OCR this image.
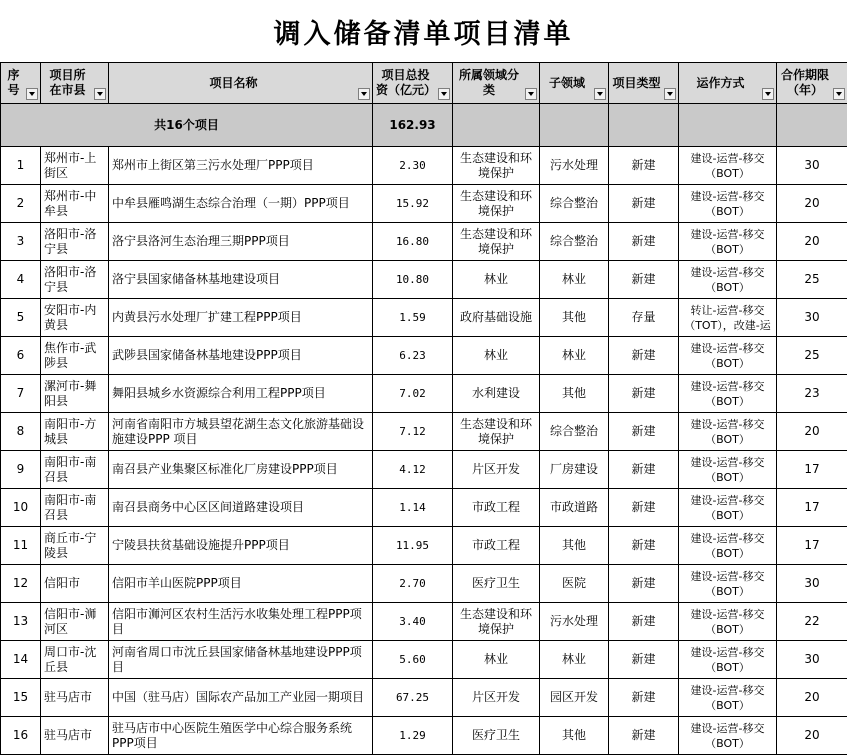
调入储备清单项目清单
序号	项目所在市县	项目名称	项目总投资（亿元）	所属领域分类	子领域	项目类型	运作方式	合作期限（年）

共16个项目			162.93					

1	郑州市-上街区	郑州市上街区第三污水处理厂PPP项目	2.30	生态建设和环境保护	污水处理	新建	建设-运营-移交（BOT）	30

2	郑州市-中牟县	中牟县雁鸣湖生态综合治理（一期）PPP项目	15.92	生态建设和环境保护	综合整治	新建	建设-运营-移交（BOT）	20

3	洛阳市-洛宁县	洛宁县洛河生态治理三期PPP项目	16.80	生态建设和环境保护	综合整治	新建	建设-运营-移交（BOT）	20

4	洛阳市-洛宁县	洛宁县国家储备林基地建设项目	10.80	林业	林业	新建	建设-运营-移交（BOT）	25

5	安阳市-内黄县	内黄县污水处理厂扩建工程PPP项目	1.59	政府基础设施	其他	存量	转让-运营-移交（TOT），改建-运	30

6	焦作市-武陟县	武陟县国家储备林基地建设PPP项目	6.23	林业	林业	新建	建设-运营-移交（BOT）	25

7	漯河市-舞阳县	舞阳县城乡水资源综合利用工程PPP项目	7.02	水利建设	其他	新建	建设-运营-移交（BOT）	23

8	南阳市-方城县	河南省南阳市方城县望花湖生态文化旅游基础设施建设PPP 项目	7.12	生态建设和环境保护	综合整治	新建	建设-运营-移交（BOT）	20

9	南阳市-南召县	南召县产业集聚区标准化厂房建设PPP项目	4.12	片区开发	厂房建设	新建	建设-运营-移交（BOT）	17

10	南阳市-南召县	南召县商务中心区区间道路建设项目	1.14	市政工程	市政道路	新建	建设-运营-移交（BOT）	17

11	商丘市-宁陵县	宁陵县扶贫基础设施提升PPP项目	11.95	市政工程	其他	新建	建设-运营-移交（BOT）	17

12	信阳市	信阳市羊山医院PPP项目	2.70	医疗卫生	医院	新建	建设-运营-移交（BOT）	30

13	信阳市-浉河区	信阳市浉河区农村生活污水收集处理工程PPP项目	3.40	生态建设和环境保护	污水处理	新建	建设-运营-移交（BOT）	22

14	周口市-沈丘县	河南省周口市沈丘县国家储备林基地建设PPP项目	5.60	林业	林业	新建	建设-运营-移交（BOT）	30

15	驻马店市	中国（驻马店）国际农产品加工产业园一期项目	67.25	片区开发	园区开发	新建	建设-运营-移交（BOT）	20

16	驻马店市	驻马店市中心医院生殖医学中心综合服务系统PPP项目	1.29	医疗卫生	其他	新建	建设-运营-移交（BOT）	20
